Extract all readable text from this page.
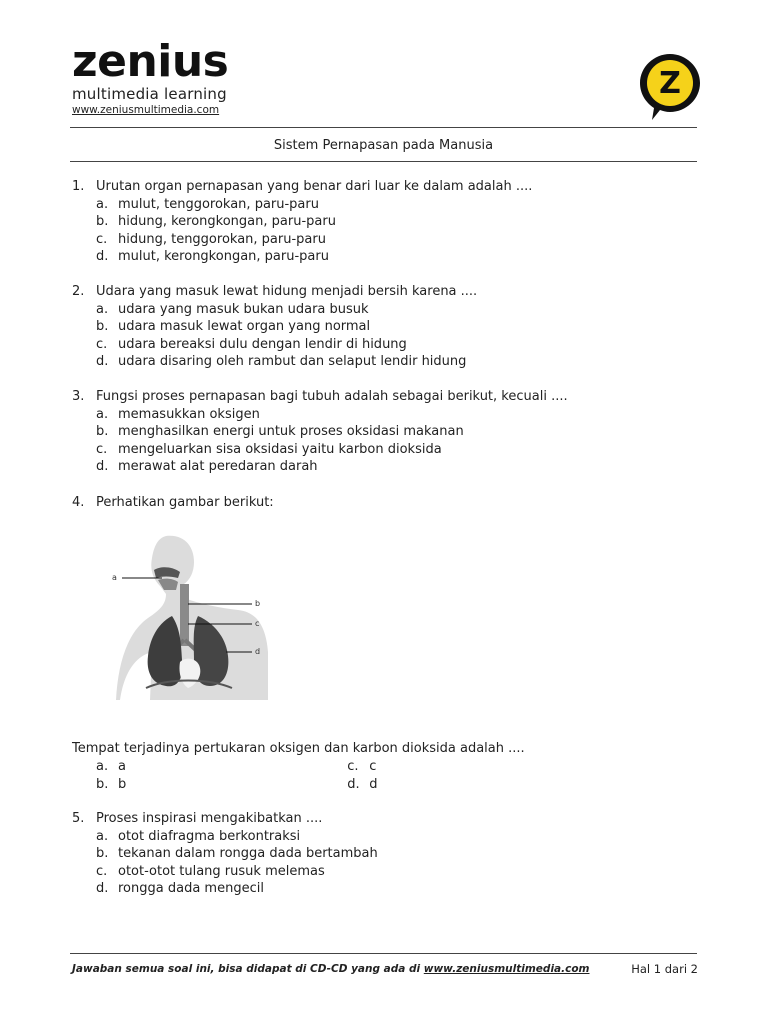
zenius
multimedia learning
www.zeniusmultimedia.com
Z
Sistem Pernapasan pada Manusia
1. Urutan organ pernapasan yang benar dari luar ke dalam adalah ....
a. mulut, tenggorokan, paru-paru
b. hidung, kerongkongan, paru-paru
c. hidung, tenggorokan, paru-paru
d. mulut, kerongkongan, paru-paru
2. Udara yang masuk lewat hidung menjadi bersih karena ....
a. udara yang masuk bukan udara busuk
b. udara masuk lewat organ yang normal
c. udara bereaksi dulu dengan lendir di hidung
d. udara disaring oleh rambut dan selaput lendir hidung
3. Fungsi proses pernapasan bagi tubuh adalah sebagai berikut, kecuali ....
a. memasukkan oksigen
b. menghasilkan energi untuk proses oksidasi makanan
c. mengeluarkan sisa oksidasi yaitu karbon dioksida
d. merawat alat peredaran darah
4. Perhatikan gambar berikut:
a
b
c
d
Tempat terjadinya pertukaran oksigen dan karbon dioksida adalah ....
a. a	c. c
b. b	d. d
5. Proses inspirasi mengakibatkan ....
a. otot diafragma berkontraksi
b. tekanan dalam rongga dada bertambah
c. otot-otot tulang rusuk melemas
d. rongga dada mengecil
Jawaban semua soal ini, bisa didapat di CD-CD yang ada di www.zeniusmultimedia.com	Hal 1 dari 2
